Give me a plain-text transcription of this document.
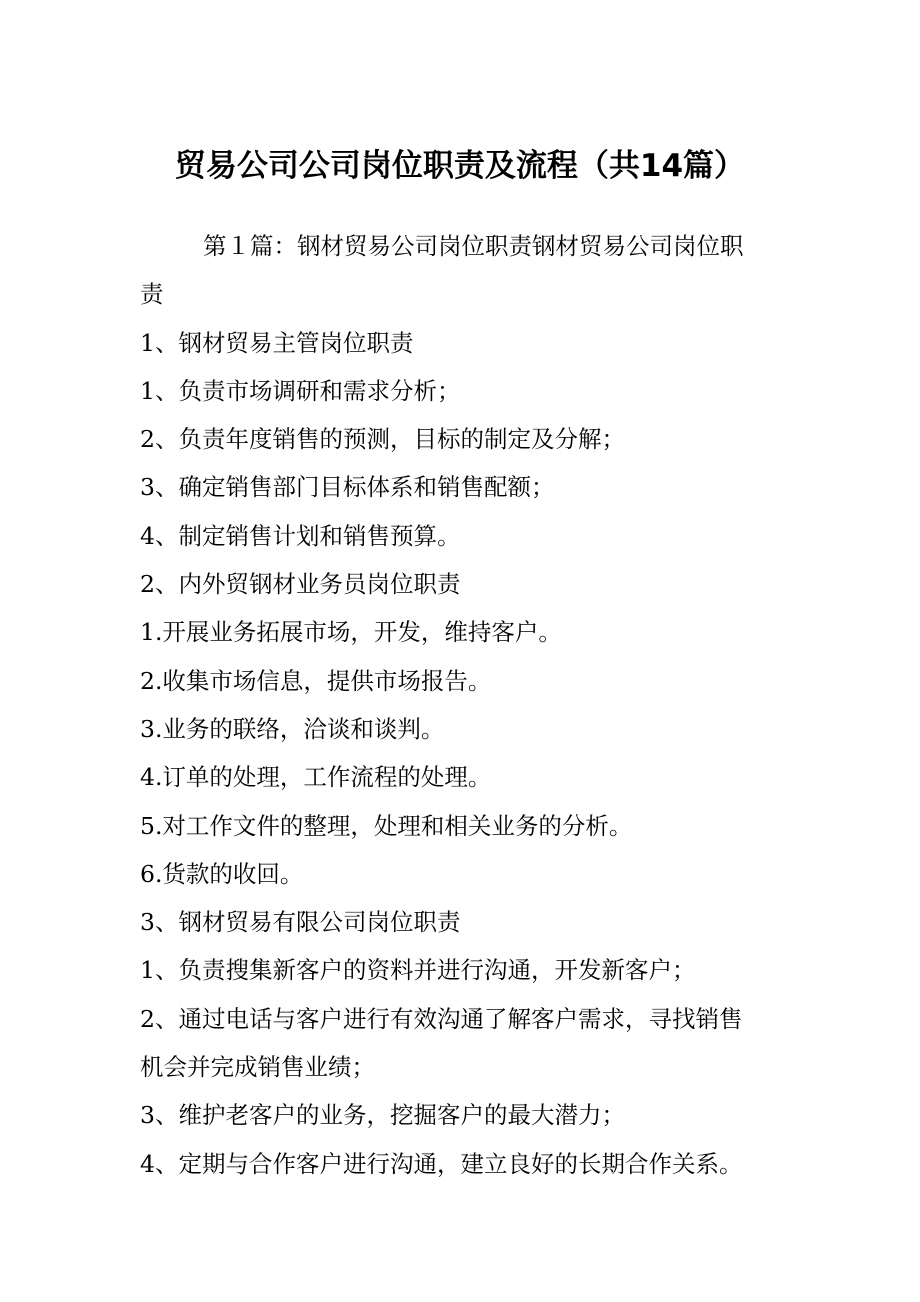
贸易公司公司岗位职责及流程（共14篇）

第１篇：钢材贸易公司岗位职责钢材贸易公司岗位职

责

1、钢材贸易主管岗位职责

1、负责市场调研和需求分析；

2、负责年度销售的预测，目标的制定及分解；

3、确定销售部门目标体系和销售配额；

4、制定销售计划和销售预算。

2、内外贸钢材业务员岗位职责

1.开展业务拓展市场，开发，维持客户。

2.收集市场信息，提供市场报告。

3.业务的联络，洽谈和谈判。

4.订单的处理，工作流程的处理。

5.对工作文件的整理，处理和相关业务的分析。

6.货款的收回。

3、钢材贸易有限公司岗位职责

1、负责搜集新客户的资料并进行沟通，开发新客户；

2、通过电话与客户进行有效沟通了解客户需求，寻找销售

机会并完成销售业绩；

3、维护老客户的业务，挖掘客户的最大潜力；

4、定期与合作客户进行沟通，建立良好的长期合作关系。
